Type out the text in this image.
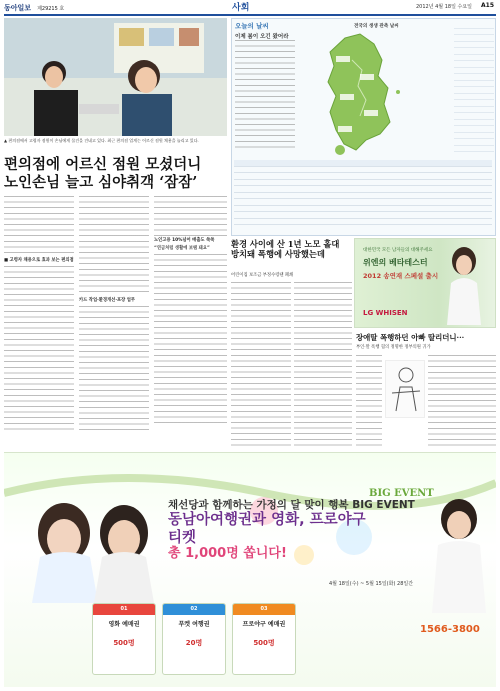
동아일보 제29215 호	사회	2012년 4월 18일 수요일 A15
▲ 편의점에서 고령자 점원이 손님에게 물건을 건네고 있다. 최근 편의점 업계는 어르신 점원 채용을 늘리고 있다.
편의점에 어르신 점원 모셨더니
노인손님 늘고 심야취객 ‘잠잠’
■ 고령자 채용으로 효과 보는 편의점
카드 작업·환경개선·포장 업무
노인고용 10%넘어 매출도 쑥쑥
“연금처럼 생활에 보탬 돼요”
오늘의 날씨
이제 봄이 오긴 왔어라
전국의 생생 관측 날씨
대한민국 모든 남자들의 대해주세요
위엔의 베타테스터
2012 송연재 스페셜 출시
LG WHISEN
환경 사이에 산 1년 노모 홀대
방치돼 폭행에 사망했는데
어린이집 보조금 부정수령땐 폐쇄
장애딸 폭행하던 아빠 딸리더니···
부인·딸 폭행 혐의 정명한 정부의원 귀가
채선당과 함께하는 가정의 달 맞이 행복 BIG EVENT
동남아여행권과 영화, 프로야구 티켓
총 1,000명 쏩니다!
BIG EVENT
01
영화 예매권
500명
02
푸켓 여행권
20명
03
프로야구 예매권
500명
4월 18일(수) ~ 5월 15일(화) 28일간
1566-3800
